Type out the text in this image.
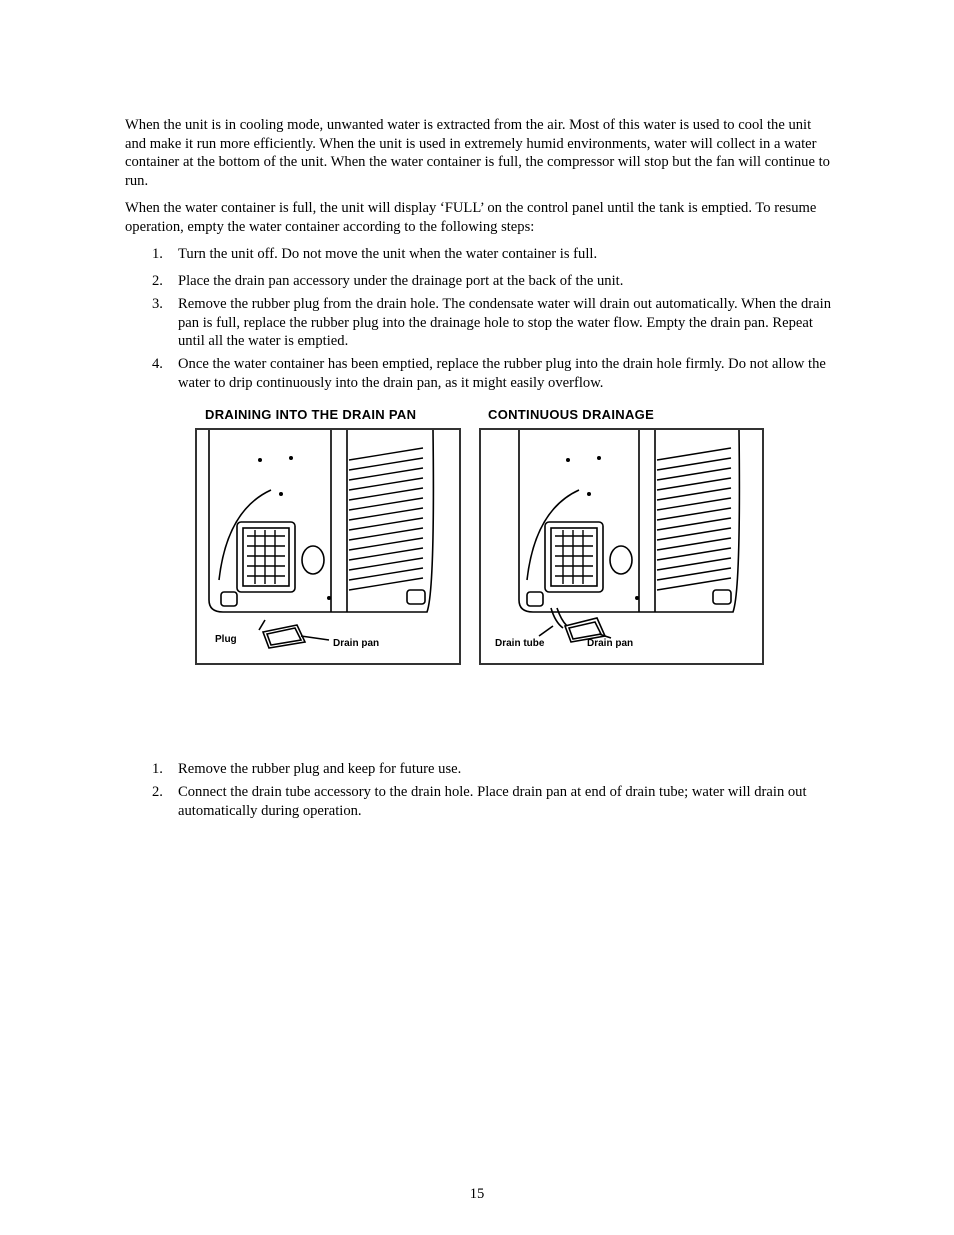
When the unit is in cooling mode, unwanted water is extracted from the air. Most of this water is used to cool the unit and make it run more efficiently. When the unit is used in extremely humid environments, water will collect in a water container at the bottom of the unit. When the water container is full, the compressor will stop but the fan will continue to run.

When the water container is full, the unit will display ‘FULL’ on the control panel until the tank is emptied. To resume operation, empty the water container according to the following steps:

1. Turn the unit off. Do not move the unit when the water container is full.
2. Place the drain pan accessory under the drainage port at the back of the unit.
3. Remove the rubber plug from the drain hole. The condensate water will drain out automatically. When the drain pan is full, replace the rubber plug into the drainage hole to stop the water flow. Empty the drain pan. Repeat until all the water is emptied.
4. Once the water container has been emptied, replace the rubber plug into the drain hole firmly. Do not allow the water to drip continuously into the drain pan, as it might easily overflow.
DRAINING INTO THE DRAIN PAN	CONTINUOUS DRAINAGE
Plug	Drain pan	Drain tube	Drain pan
1. Remove the rubber plug and keep for future use.
2. Connect the drain tube accessory to the drain hole. Place drain pan at end of drain tube; water will drain out automatically during operation.
15
